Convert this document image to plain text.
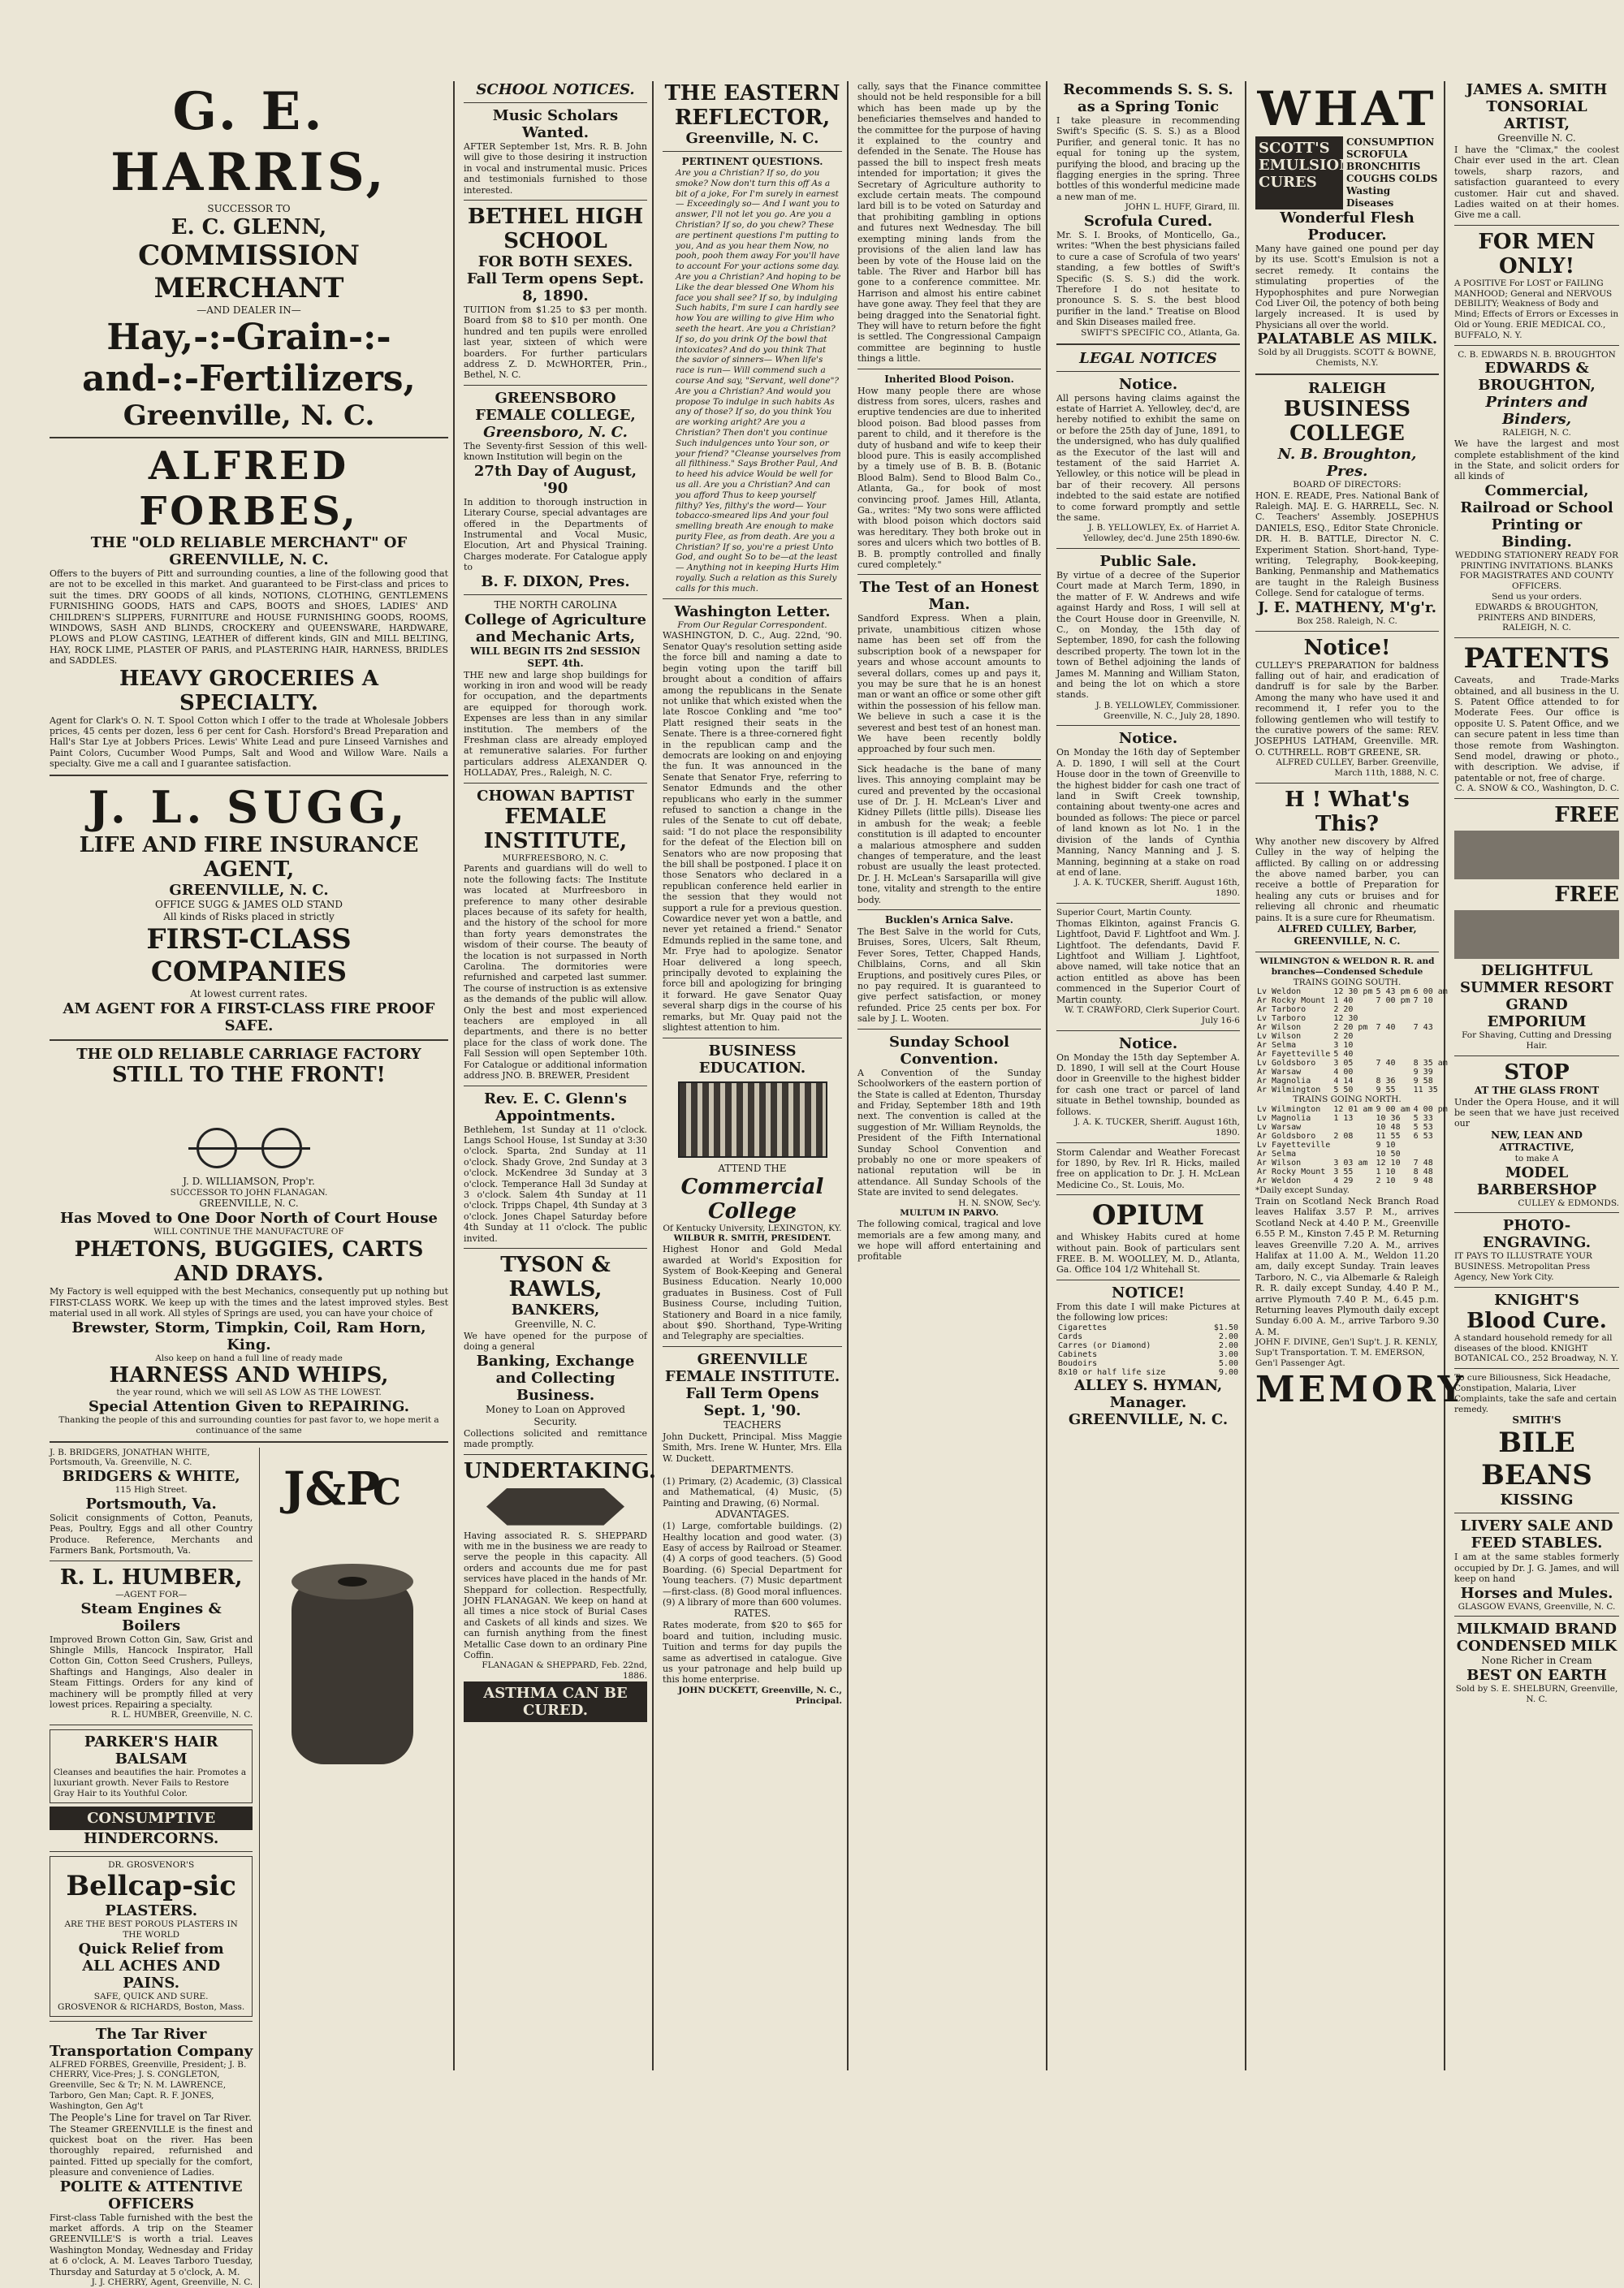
G. E. HARRIS,
SUCCESSOR TO
E. C. GLENN,
COMMISSION MERCHANT
—AND DEALER IN—
Hay,-:-Grain-:-and-:-Fertilizers,
Greenville, N. C.
ALFRED FORBES,
THE "OLD RELIABLE MERCHANT" OF GREENVILLE, N. C.
Offers to the buyers of Pitt and surrounding counties, a line of the following good that are not to be excelled in this market. And guaranteed to be First-class and prices to suit the times. DRY GOODS of all kinds, NOTIONS, CLOTHING, GENTLEMENS FURNISHING GOODS, HATS and CAPS, BOOTS and SHOES, LADIES' AND CHILDREN'S SLIPPERS, FURNITURE and HOUSE FURNISHING GOODS, ROOMS, WINDOWS, SASH AND BLINDS, CROCKERY and QUEENSWARE, HARDWARE, PLOWS and PLOW CASTING, LEATHER of different kinds, GIN and MILL BELTING, HAY, ROCK LIME, PLASTER OF PARIS, and PLASTERING HAIR, HARNESS, BRIDLES and SADDLES.
HEAVY GROCERIES A SPECIALTY.
Agent for Clark's O. N. T. Spool Cotton which I offer to the trade at Wholesale Jobbers prices, 45 cents per dozen, less 6 per cent for Cash. Horsford's Bread Preparation and Hall's Star Lye at Jobbers Prices. Lewis' White Lead and pure Linseed Varnishes and Paint Colors, Cucumber Wood Pumps, Salt and Wood and Willow Ware. Nails a specialty. Give me a call and I guarantee satisfaction.
J. L. SUGG,
LIFE AND FIRE INSURANCE AGENT,
GREENVILLE, N. C.
OFFICE SUGG & JAMES OLD STAND
All kinds of Risks placed in strictly
FIRST-CLASS COMPANIES
At lowest current rates.
AM AGENT FOR A FIRST-CLASS FIRE PROOF SAFE.
THE OLD RELIABLE CARRIAGE FACTORY
STILL TO THE FRONT!
J. D. WILLIAMSON, Prop'r.
SUCCESSOR TO JOHN FLANAGAN.
GREENVILLE, N. C.
Has Moved to One Door North of Court House
WILL CONTINUE THE MANUFACTURE OF
PHÆTONS, BUGGIES, CARTS AND DRAYS.
My Factory is well equipped with the best Mechanics, consequently put up nothing but FIRST-CLASS WORK. We keep up with the times and the latest improved styles. Best material used in all work. All styles of Springs are used, you can have your choice of
Brewster, Storm, Timpkin, Coil, Ram Horn, King.
Also keep on hand a full line of ready made
HARNESS AND WHIPS,
the year round, which we will sell AS LOW AS THE LOWEST.
Special Attention Given to REPAIRING.
Thanking the people of this and surrounding counties for past favor to, we hope merit a continuance of the same
J. B. BRIDGERS, JONATHAN WHITE, Portsmouth, Va. Greenville, N. C.
BRIDGERS & WHITE,
115 High Street.
Portsmouth, Va.
Solicit consignments of Cotton, Peanuts, Peas, Poultry, Eggs and all other Country Produce. Reference, Merchants and Farmers Bank, Portsmouth, Va.
R. L. HUMBER,
—AGENT FOR—
Steam Engines & Boilers
Improved Brown Cotton Gin, Saw, Grist and Shingle Mills, Hancock Inspirator, Hall Cotton Gin, Cotton Seed Crushers, Pulleys, Shaftings and Hangings, Also dealer in Steam Fittings. Orders for any kind of machinery will be promptly filled at very lowest prices. Repairing a specialty.
R. L. HUMBER, Greenville, N. C.
PARKER'S HAIR BALSAM
Cleanses and beautifies the hair. Promotes a luxuriant growth. Never Fails to Restore Gray Hair to its Youthful Color.
CONSUMPTIVE
HINDERCORNS.
DR. GROSVENOR'S
Bellcap-sic
PLASTERS.
ARE THE BEST POROUS PLASTERS IN THE WORLD
Quick Relief from
ALL ACHES AND PAINS.
SAFE, QUICK AND SURE.
GROSVENOR & RICHARDS, Boston, Mass.
The Tar River Transportation Company
ALFRED FORBES, Greenville, President; J. B. CHERRY, Vice-Pres; J. S. CONGLETON, Greenville, Sec & Tr; N. M. LAWRENCE, Tarboro, Gen Man; Capt. R. F. JONES, Washington, Gen Ag't
The People's Line for travel on Tar River.
The Steamer GREENVILLE is the finest and quickest boat on the river. Has been thoroughly repaired, refurnished and painted. Fitted up specially for the comfort, pleasure and convenience of Ladies.
POLITE & ATTENTIVE OFFICERS
First-class Table furnished with the best the market affords. A trip on the Steamer GREENVILLE'S is worth a trial. Leaves Washington Monday, Wednesday and Friday at 6 o'clock, A. M. Leaves Tarboro Tuesday, Thursday and Saturday at 5 o'clock, A. M.
J. J. CHERRY, Agent, Greenville, N. C.
J&P
C
SCHOOL NOTICES.
Music Scholars Wanted.
AFTER September 1st, Mrs. R. B. John will give to those desiring it instruction in vocal and instrumental music. Prices and testimonials furnished to those interested.
BETHEL HIGH SCHOOL
FOR BOTH SEXES.
Fall Term opens Sept. 8, 1890.
TUITION from $1.25 to $3 per month. Board from $8 to $10 per month. One hundred and ten pupils were enrolled last year, sixteen of which were boarders. For further particulars address Z. D. McWHORTER, Prin., Bethel, N. C.
GREENSBORO FEMALE COLLEGE,
Greensboro, N. C.
The Seventy-first Session of this well-known Institution will begin on the
27th Day of August, '90
In addition to thorough instruction in Literary Course, special advantages are offered in the Departments of Instrumental and Vocal Music, Elocution, Art and Physical Training. Charges moderate. For Catalogue apply to
B. F. DIXON, Pres.
THE NORTH CAROLINA
College of Agriculture and Mechanic Arts,
WILL BEGIN ITS 2nd SESSION SEPT. 4th.
THE new and large shop buildings for working in iron and wood will be ready for occupation, and the departments are equipped for thorough work. Expenses are less than in any similar institution. The members of the Freshman class are already employed at remunerative salaries. For further particulars address ALEXANDER Q. HOLLADAY, Pres., Raleigh, N. C.
CHOWAN BAPTIST
FEMALE INSTITUTE,
MURFREESBORO, N. C.
Parents and guardians will do well to note the following facts: The Institute was located at Murfreesboro in preference to many other desirable places because of its safety for health, and the history of the school for more than forty years demonstrates the wisdom of their course. The beauty of the location is not surpassed in North Carolina. The dormitories were refurnished and carpeted last summer. The course of instruction is as extensive as the demands of the public will allow. Only the best and most experienced teachers are employed in all departments, and there is no better place for the class of work done. The Fall Session will open September 10th. For Catalogue or additional information address JNO. B. BREWER, President
Rev. E. C. Glenn's Appointments.
Bethlehem, 1st Sunday at 11 o'clock. Langs School House, 1st Sunday at 3:30 o'clock. Sparta, 2nd Sunday at 11 o'clock. Shady Grove, 2nd Sunday at 3 o'clock. McKendree 3d Sunday at 3 o'clock. Temperance Hall 3d Sunday at 3 o'clock. Salem 4th Sunday at 11 o'clock. Tripps Chapel, 4th Sunday at 3 o'clock. Jones Chapel Saturday before 4th Sunday at 11 o'clock. The public invited.
TYSON & RAWLS,
BANKERS,
Greenville, N. C.
We have opened for the purpose of doing a general
Banking, Exchange and Collecting Business.
Money to Loan on Approved Security.
Collections solicited and remittance made promptly.
UNDERTAKING.
Having associated R. S. SHEPPARD with me in the business we are ready to serve the people in this capacity. All orders and accounts due me for past services have placed in the hands of Mr. Sheppard for collection. Respectfully, JOHN FLANAGAN. We keep on hand at all times a nice stock of Burial Cases and Caskets of all kinds and sizes. We can furnish anything from the finest Metallic Case down to an ordinary Pine Coffin.
FLANAGAN & SHEPPARD, Feb. 22nd, 1886.
ASTHMA CAN BE CURED.
THE EASTERN REFLECTOR,
Greenville, N. C.
PERTINENT QUESTIONS.
Are you a Christian? If so, do you smoke? Now don't turn this off As a bit of a joke, For I'm surely in earnest— Exceedingly so— And I want you to answer, I'll not let you go. Are you a Christian? If so, do you chew? These are pertinent questions I'm putting to you, And as you hear them Now, no pooh, pooh them away For you'll have to account For your actions some day. Are you a Christian? And hoping to be Like the dear blessed One Whom his face you shall see? If so, by indulging Such habits, I'm sure I can hardly see how You are willing to give Him who seeth the heart. Are you a Christian? If so, do you drink Of the bowl that intoxicates? And do you think That the savior of sinners— When life's race is run— Will commend such a course And say, "Servant, well done"? Are you a Christian? And would you propose To indulge in such habits As any of those? If so, do you think You are working aright? Are you a Christian? Then don't you continue Such indulgences unto Your son, or your friend? "Cleanse yourselves from all filthiness." Says Brother Paul, And to heed his advice Would be well for us all. Are you a Christian? And can you afford Thus to keep yourself filthy? Yes, filthy's the word— Your tobacco-smeared lips And your foul smelling breath Are enough to make purity Flee, as from death. Are you a Christian? If so, you're a priest Unto God, and ought So to be—at the least— Anything not in keeping Hurts Him royally. Such a relation as this Surely calls for this much.
Washington Letter.
From Our Regular Correspondent.
WASHINGTON, D. C., Aug. 22nd, '90. Senator Quay's resolution setting aside the force bill and naming a date to begin voting upon the tariff bill brought about a condition of affairs among the republicans in the Senate not unlike that which existed when the late Roscoe Conkling and "me too" Platt resigned their seats in the Senate. There is a three-cornered fight in the republican camp and the democrats are looking on and enjoying the fun. It was announced in the Senate that Senator Frye, referring to Senator Edmunds and the other republicans who early in the summer refused to sanction a change in the rules of the Senate to cut off debate, said: "I do not place the responsibility for the defeat of the Election bill on Senators who are now proposing that the bill shall be postponed. I place it on those Senators who declared in a republican conference held earlier in the session that they would not support a rule for a previous question. Cowardice never yet won a battle, and never yet retained a friend." Senator Edmunds replied in the same tone, and Mr. Frye had to apologize. Senator Hoar delivered a long speech, principally devoted to explaining the force bill and apologizing for bringing it forward. He gave Senator Quay several sharp digs in the course of his remarks, but Mr. Quay paid not the slightest attention to him.
BUSINESS EDUCATION.
ATTEND THE
Commercial College
Of Kentucky University, LEXINGTON, KY.
WILBUR R. SMITH, PRESIDENT.
Highest Honor and Gold Medal awarded at World's Exposition for System of Book-Keeping and General Business Education. Nearly 10,000 graduates in Business. Cost of Full Business Course, including Tuition, Stationery and Board in a nice family, about $90. Shorthand, Type-Writing and Telegraphy are specialties.
GREENVILLE FEMALE INSTITUTE.
Fall Term Opens Sept. 1, '90.
TEACHERS
John Duckett, Principal. Miss Maggie Smith, Mrs. Irene W. Hunter, Mrs. Ella W. Duckett.
DEPARTMENTS.
(1) Primary, (2) Academic, (3) Classical and Mathematical, (4) Music, (5) Painting and Drawing, (6) Normal.
ADVANTAGES.
(1) Large, comfortable buildings. (2) Healthy location and good water. (3) Easy of access by Railroad or Steamer. (4) A corps of good teachers. (5) Good Boarding. (6) Special Department for Young teachers. (7) Music department—first-class. (8) Good moral influences. (9) A library of more than 600 volumes.
RATES.
Rates moderate, from $20 to $65 for board and tuition, including music. Tuition and terms for day pupils the same as advertised in catalogue. Give us your patronage and help build up this home enterprise.
JOHN DUCKETT, Greenville, N. C., Principal.
cally, says that the Finance committee should not be held responsible for a bill which has been made up by the beneficiaries themselves and handed to the committee for the purpose of having it explained to the country and defended in the Senate. The House has passed the bill to inspect fresh meats intended for importation; it gives the Secretary of Agriculture authority to exclude certain meats. The compound lard bill is to be voted on Saturday and that prohibiting gambling in options and futures next Wednesday. The bill exempting mining lands from the provisions of the alien land law has been by vote of the House laid on the table. The River and Harbor bill has gone to a conference committee. Mr. Harrison and almost his entire cabinet have gone away. They feel that they are being dragged into the Senatorial fight. They will have to return before the fight is settled. The Congressional Campaign committee are beginning to hustle things a little.
Inherited Blood Poison.
How many people there are whose distress from sores, ulcers, rashes and eruptive tendencies are due to inherited blood poison. Bad blood passes from parent to child, and it therefore is the duty of husband and wife to keep their blood pure. This is easily accomplished by a timely use of B. B. B. (Botanic Blood Balm). Send to Blood Balm Co., Atlanta, Ga., for book of most convincing proof. James Hill, Atlanta, Ga., writes: "My two sons were afflicted with blood poison which doctors said was hereditary. They both broke out in sores and ulcers which two bottles of B. B. B. promptly controlled and finally cured completely."
The Test of an Honest Man.
Sandford Express. When a plain, private, unambitious citizen whose name has been set off from the subscription book of a newspaper for years and whose account amounts to several dollars, comes up and pays it, you may be sure that he is an honest man or want an office or some other gift within the possession of his fellow man. We believe in such a case it is the severest and best test of an honest man. We have been recently boldly approached by four such men.
Sick headache is the bane of many lives. This annoying complaint may be cured and prevented by the occasional use of Dr. J. H. McLean's Liver and Kidney Pillets (little pills). Disease lies in ambush for the weak; a feeble constitution is ill adapted to encounter a malarious atmosphere and sudden changes of temperature, and the least robust are usually the least protected. Dr. J. H. McLean's Sarsaparilla will give tone, vitality and strength to the entire body.
Bucklen's Arnica Salve.
The Best Salve in the world for Cuts, Bruises, Sores, Ulcers, Salt Rheum, Fever Sores, Tetter, Chapped Hands, Chilblains, Corns, and all Skin Eruptions, and positively cures Piles, or no pay required. It is guaranteed to give perfect satisfaction, or money refunded. Price 25 cents per box. For sale by J. L. Wooten.
Sunday School Convention.
A Convention of the Sunday Schoolworkers of the eastern portion of the State is called at Edenton, Thursday and Friday, September 18th and 19th next. The convention is called at the suggestion of Mr. William Reynolds, the President of the Fifth International Sunday School Convention and probably no one or more speakers of national reputation will be in attendance. All Sunday Schools of the State are invited to send delegates.
H. N. SNOW, Sec'y.
MULTUM IN PARVO.
The following comical, tragical and love memorials are a few among many, and we hope will afford entertaining and profitable
Recommends S. S. S. as a Spring Tonic
I take pleasure in recommending Swift's Specific (S. S. S.) as a Blood Purifier, and general tonic. It has no equal for toning up the system, purifying the blood, and bracing up the flagging energies in the spring. Three bottles of this wonderful medicine made a new man of me.
JOHN L. HUFF, Girard, Ill.
Scrofula Cured.
Mr. S. I. Brooks, of Monticello, Ga., writes: "When the best physicians failed to cure a case of Scrofula of two years' standing, a few bottles of Swift's Specific (S. S. S.) did the work. Therefore I do not hesitate to pronounce S. S. S. the best blood purifier in the land." Treatise on Blood and Skin Diseases mailed free.
SWIFT'S SPECIFIC CO., Atlanta, Ga.
LEGAL NOTICES
Notice.
All persons having claims against the estate of Harriet A. Yellowley, dec'd, are hereby notified to exhibit the same on or before the 25th day of June, 1891, to the undersigned, who has duly qualified as the Executor of the last will and testament of the said Harriet A. Yellowley, or this notice will be plead in bar of their recovery. All persons indebted to the said estate are notified to come forward promptly and settle the same.
J. B. YELLOWLEY, Ex. of Harriet A. Yellowley, dec'd. June 25th 1890-6w.
Public Sale.
By virtue of a decree of the Superior Court made at March Term, 1890, in the matter of F. W. Andrews and wife against Hardy and Ross, I will sell at the Court House door in Greenville, N. C., on Monday, the 15th day of September, 1890, for cash the following described property. The town lot in the town of Bethel adjoining the lands of James M. Manning and William Staton, and being the lot on which a store stands.
J. B. YELLOWLEY, Commissioner. Greenville, N. C., July 28, 1890.
Notice.
On Monday the 16th day of September A. D. 1890, I will sell at the Court House door in the town of Greenville to the highest bidder for cash one tract of land in Swift Creek township, containing about twenty-one acres and bounded as follows: The piece or parcel of land known as lot No. 1 in the division of the lands of Cynthia Manning, Nancy Manning and J. S. Manning, beginning at a stake on road at end of lane.
J. A. K. TUCKER, Sheriff. August 16th, 1890.
Superior Court, Martin County.
Thomas Elkinton, against Francis G. Lightfoot, David F. Lightfoot and Wm. J. Lightfoot. The defendants, David F. Lightfoot and William J. Lightfoot, above named, will take notice that an action entitled as above has been commenced in the Superior Court of Martin county.
W. T. CRAWFORD, Clerk Superior Court. July 16-6
Notice.
On Monday the 15th day September A. D. 1890, I will sell at the Court House door in Greenville to the highest bidder for cash one tract or parcel of land situate in Bethel township, bounded as follows.
J. A. K. TUCKER, Sheriff. August 16th, 1890.
Storm Calendar and Weather Forecast for 1890, by Rev. Irl R. Hicks, mailed free on application to Dr. J. H. McLean Medicine Co., St. Louis, Mo.
OPIUM
and Whiskey Habits cured at home without pain. Book of particulars sent FREE. B. M. WOOLLEY, M. D., Atlanta, Ga. Office 104 1/2 Whitehall St.
NOTICE!
From this date I will make Pictures at the following low prices:
Cigarettes	$1.50
Cards	2.00
Carres (or Diamond)	2.00
Cabinets	3.00
Boudoirs	5.00
8x10 or half life size	9.00
ALLEY S. HYMAN, Manager. GREENVILLE, N. C.
WHAT
SCOTT'S EMULSION CURES
CONSUMPTION SCROFULA BRONCHITIS COUGHS COLDS Wasting Diseases
Wonderful Flesh Producer.
Many have gained one pound per day by its use. Scott's Emulsion is not a secret remedy. It contains the stimulating properties of the Hypophosphites and pure Norwegian Cod Liver Oil, the potency of both being largely increased. It is used by Physicians all over the world.
PALATABLE AS MILK.
Sold by all Druggists. SCOTT & BOWNE, Chemists, N.Y.
RALEIGH
BUSINESS COLLEGE
N. B. Broughton, Pres.
BOARD OF DIRECTORS:
HON. E. READE, Pres. National Bank of Raleigh. MAJ. E. G. HARRELL, Sec. N. C. Teachers' Assembly. JOSEPHUS DANIELS, ESQ., Editor State Chronicle. DR. H. B. BATTLE, Director N. C. Experiment Station. Short-hand, Type-writing, Telegraphy, Book-keeping, Banking, Penmanship and Mathematics are taught in the Raleigh Business College. Send for catalogue of terms.
J. E. MATHENY, M'g'r.
Box 258. Raleigh, N. C.
Notice!
CULLEY'S PREPARATION for baldness falling out of hair, and eradication of dandruff is for sale by the Barber. Among the many who have used it and recommend it, I refer you to the following gentlemen who will testify to the curative powers of the same: REV. JOSEPHUS LATHAM, Greenville. MR. O. CUTHRELL. ROB'T GREENE, SR.
ALFRED CULLEY, Barber. Greenville, March 11th, 1888, N. C.
H ! What's This?
Why another new discovery by Alfred Culley in the way of helping the afflicted. By calling on or addressing the above named barber, you can receive a bottle of Preparation for healing any cuts or bruises and for relieving all chronic and rheumatic pains. It is a sure cure for Rheumatism.
ALFRED CULLEY, Barber, GREENVILLE, N. C.
WILMINGTON & WELDON R. R. and branches—Condensed Schedule
TRAINS GOING SOUTH.
Lv Weldon	12 30 pm	5 43 pm	6 00 am
Ar Rocky Mount	1 40	7 00 pm	7 10
Ar Tarboro	2 20		
Lv Tarboro	12 30		
Ar Wilson	2 20 pm	7 40	7 43
Lv Wilson	2 20		
Ar Selma	3 10		
Ar Fayetteville	5 40		
Lv Goldsboro	3 05	7 40	8 35 am
Ar Warsaw	4 00		9 39
Ar Magnolia	4 14	8 36	9 58
Ar Wilmington	5 50	9 55	11 35
TRAINS GOING NORTH.
Lv Wilmington	12 01 am	9 00 am	4 00 pm
Lv Magnolia	1 13	10 36	5 33
Lv Warsaw		10 48	5 53
Ar Goldsboro	2 08	11 55	6 53
Lv Fayetteville		9 10	
Ar Selma		10 50	
Ar Wilson	3 03 am	12 10	7 48
Ar Rocky Mount	3 55	1 10	8 48
Ar Weldon	4 29	2 10	9 48
*Daily except Sunday.
Train on Scotland Neck Branch Road leaves Halifax 3.57 P. M., arrives Scotland Neck at 4.40 P. M., Greenville 6.55 P. M., Kinston 7.45 P. M. Returning leaves Greenville 7.20 A. M., arrives Halifax at 11.00 A. M., Weldon 11.20 am, daily except Sunday. Train leaves Tarboro, N. C., via Albemarle & Raleigh R. R. daily except Sunday, 4.40 P. M., arrive Plymouth 7.40 P. M., 6.45 p.m. Returning leaves Plymouth daily except Sunday 6.00 A. M., arrive Tarboro 9.30 A. M.
JOHN F. DIVINE, Gen'l Sup't. J. R. KENLY, Sup't Transportation. T. M. EMERSON, Gen'l Passenger Agt.
MEMORY
JAMES A. SMITH
TONSORIAL ARTIST,
Greenville N. C.
I have the "Climax," the coolest Chair ever used in the art. Clean towels, sharp razors, and satisfaction guaranteed to every customer. Hair cut and shaved. Ladies waited on at their homes. Give me a call.
FOR MEN ONLY!
A POSITIVE For LOST or FAILING MANHOOD; General and NERVOUS DEBILITY; Weakness of Body and Mind; Effects of Errors or Excesses in Old or Young. ERIE MEDICAL CO., BUFFALO, N. Y.
C. B. EDWARDS N. B. BROUGHTON
EDWARDS & BROUGHTON,
Printers and Binders,
RALEIGH, N. C.
We have the largest and most complete establishment of the kind in the State, and solicit orders for all kinds of
Commercial, Railroad or School Printing or Binding.
WEDDING STATIONERY READY FOR PRINTING INVITATIONS. BLANKS FOR MAGISTRATES AND COUNTY OFFICERS.
Send us your orders.
EDWARDS & BROUGHTON, PRINTERS AND BINDERS, RALEIGH, N. C.
PATENTS
Caveats, and Trade-Marks obtained, and all business in the U. S. Patent Office attended to for Moderate Fees. Our office is opposite U. S. Patent Office, and we can secure patent in less time than those remote from Washington. Send model, drawing or photo., with description. We advise, if patentable or not, free of charge.
C. A. SNOW & CO., Washington, D. C.
FREE
FREE
DELIGHTFUL SUMMER RESORT
GRAND EMPORIUM
For Shaving, Cutting and Dressing Hair.
STOP
AT THE GLASS FRONT
Under the Opera House, and it will be seen that we have just received our
NEW, LEAN AND ATTRACTIVE,
to make A
MODEL BARBERSHOP
CULLEY & EDMONDS.
PHOTO-ENGRAVING.
IT PAYS TO ILLUSTRATE YOUR BUSINESS. Metropolitan Press Agency, New York City.
KNIGHT'S
Blood Cure.
A standard household remedy for all diseases of the blood. KNIGHT BOTANICAL CO., 252 Broadway, N. Y.
To cure Biliousness, Sick Headache, Constipation, Malaria, Liver Complaints, take the safe and certain remedy.
SMITH'S
BILE BEANS
KISSING
LIVERY SALE AND FEED STABLES.
I am at the same stables formerly occupied by Dr. J. G. James, and will keep on hand
Horses and Mules.
GLASGOW EVANS, Greenville, N. C.
MILKMAID BRAND CONDENSED MILK
None Richer in Cream
BEST ON EARTH
Sold by S. E. SHELBURN, Greenville, N. C.
